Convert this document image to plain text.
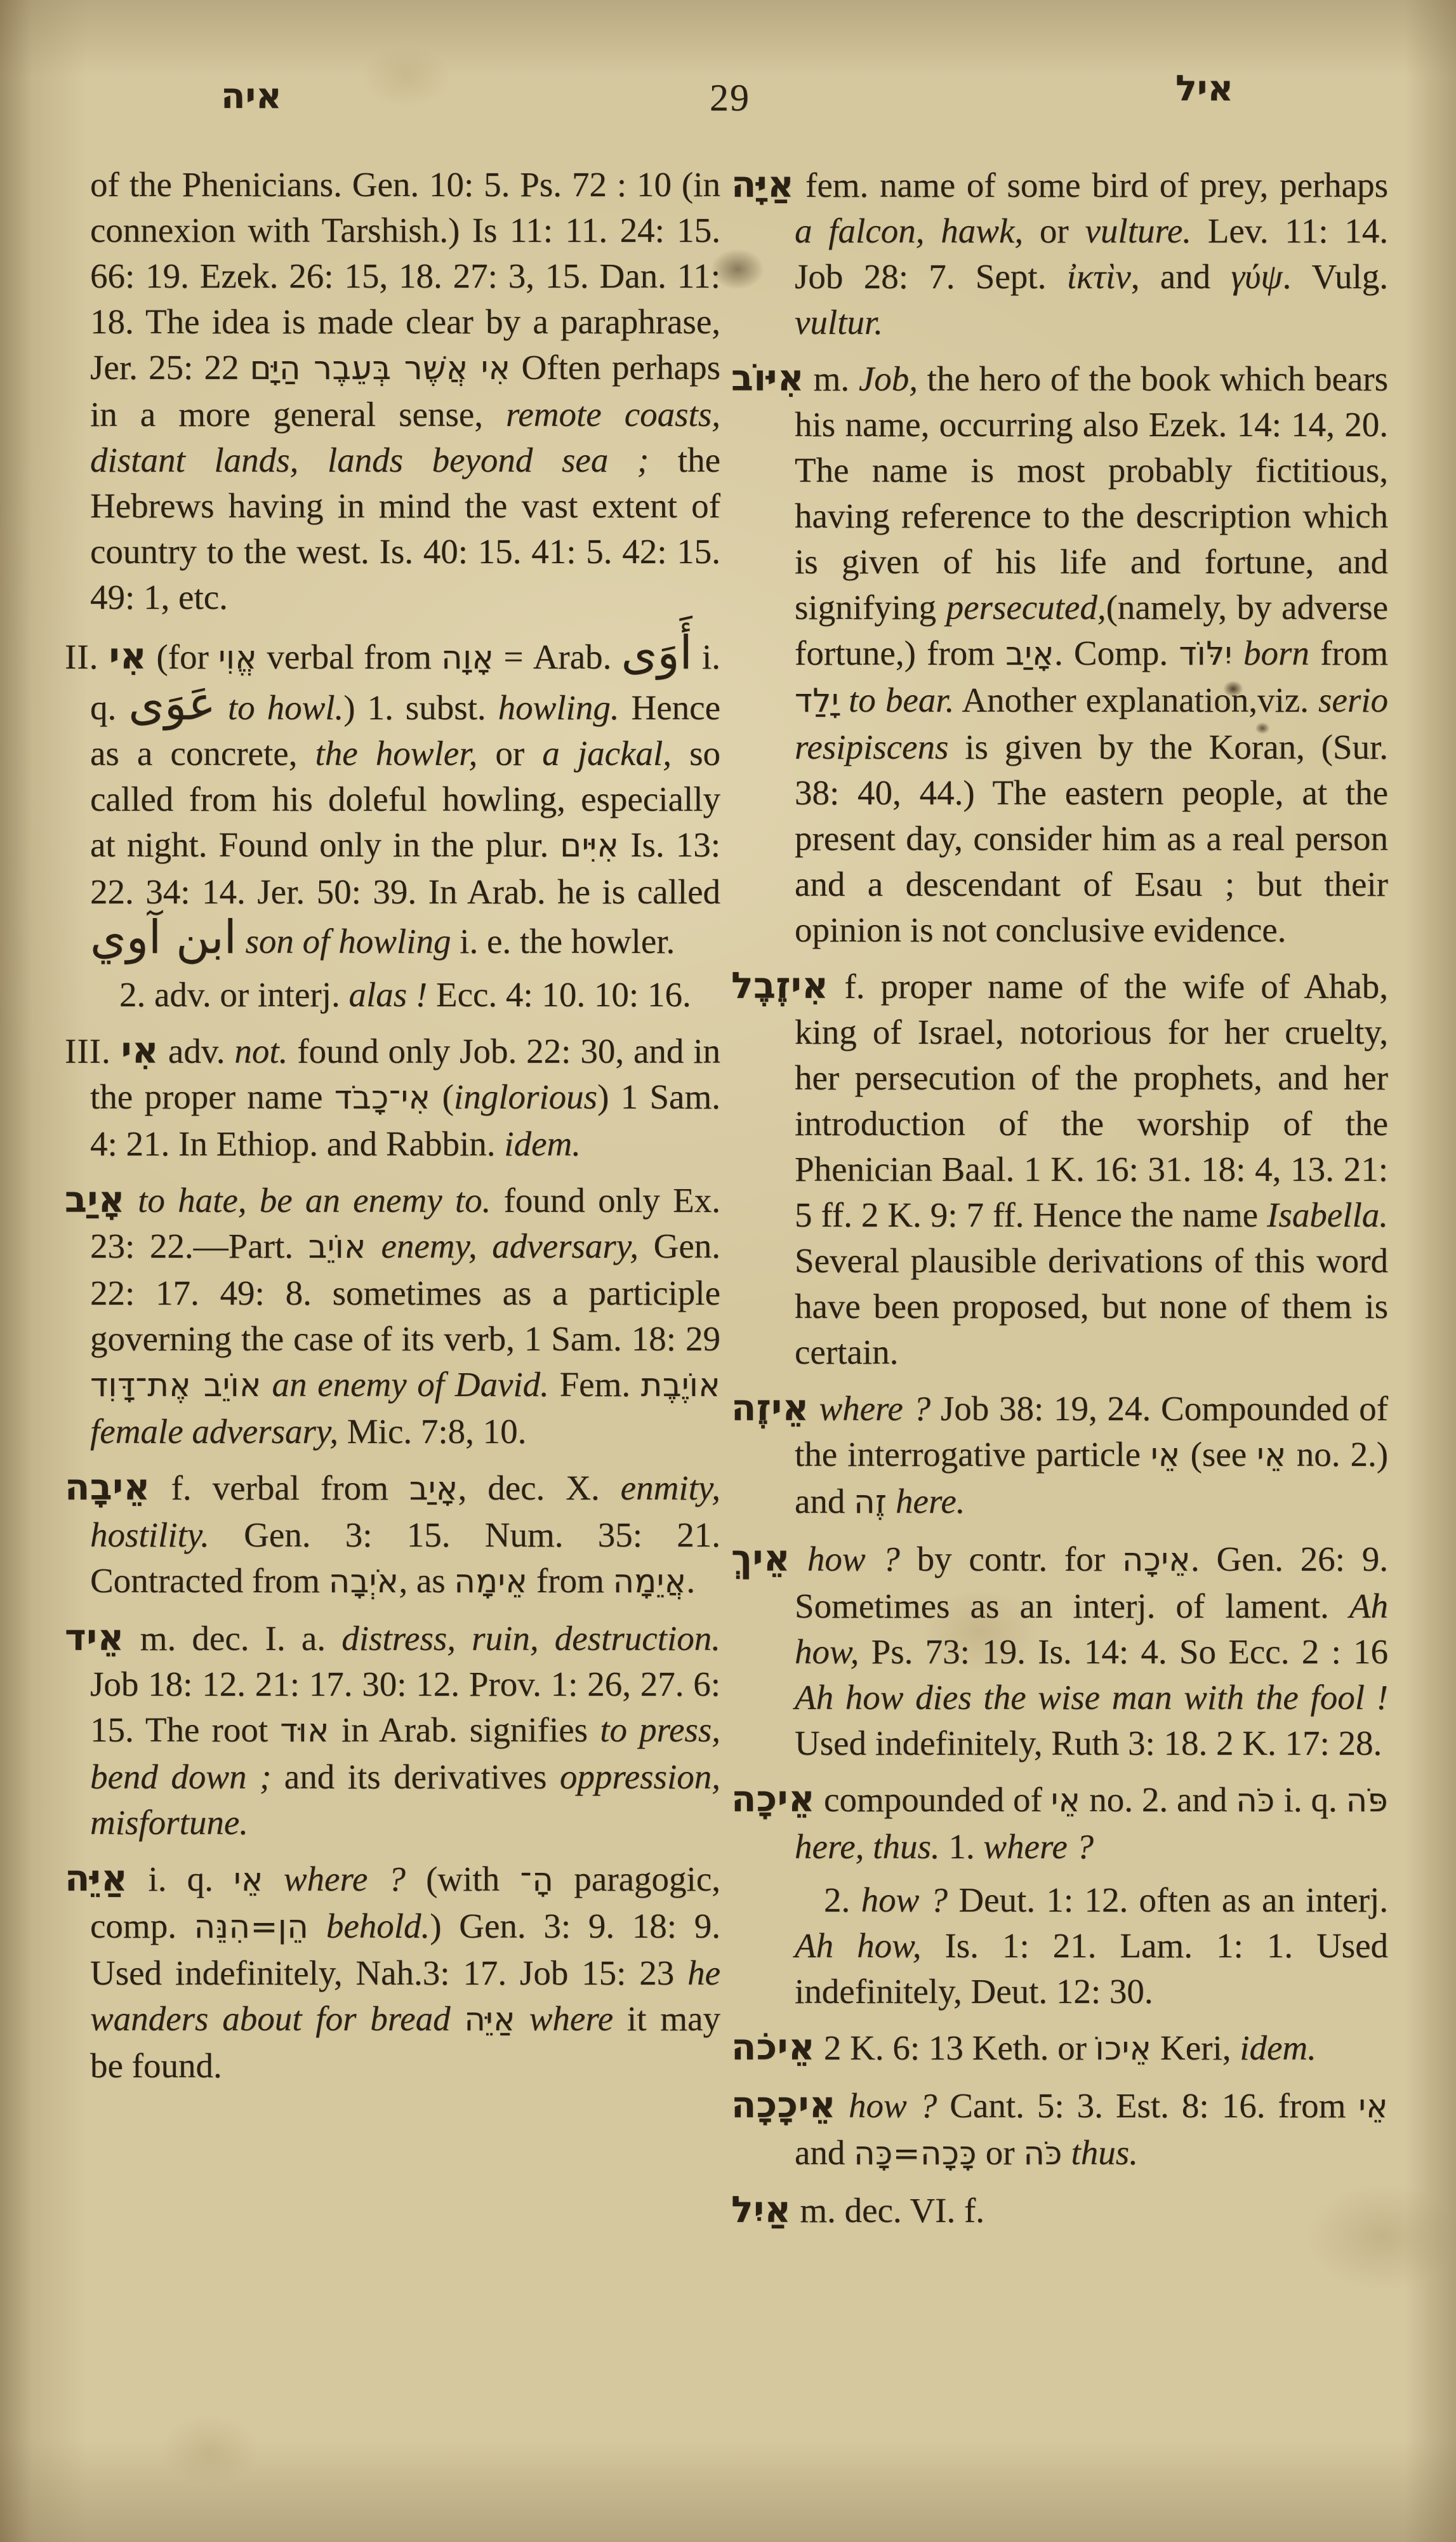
איה	29	איל

of the Phenicians. Gen. 10: 5. Ps. 72 : 10 (in connexion with Tarshish.) Is 11: 11. 24: 15. 66: 19. Ezek. 26: 15, 18. 27: 3, 15. Dan. 11: 18. The idea is made clear by a paraphrase, Jer. 25: 22 אִי אֲשֶׁר בְּעֵבֶר הַיָּם Often perhaps in a more general sense, remote coasts, distant lands, lands beyond sea ; the Hebrews having in mind the vast extent of country to the west. Is. 40: 15. 41: 5. 42: 15. 49: 1, etc.

II. אִי (for אֱוִי verbal from אָוָה = Arab. أَوَى i. q. عَوَى to howl.) 1. subst. howling. Hence as a concrete, the howler, or a jackal, so called from his doleful howling, especially at night. Found only in the plur. אִיִּים Is. 13: 22. 34: 14. Jer. 50: 39. In Arab. he is called ابن آوي son of howling i. e. the howler.

2. adv. or interj. alas ! Ecc. 4: 10. 10: 16.

III. אִי adv. not. found only Job. 22: 30, and in the proper name אִי־כָבֹד (inglorious) 1 Sam. 4: 21. In Ethiop. and Rabbin. idem.

אָיַב to hate, be an enemy to. found only Ex. 23: 22.—Part. אוֹיֵב enemy, adversary, Gen. 22: 17. 49: 8. sometimes as a participle governing the case of its verb, 1 Sam. 18: 29 אוֹיֵב אֶת־דָּוִד an enemy of David. Fem. אוֹיֶבֶת female adversary, Mic. 7:8, 10.

אֵיבָה f. verbal from אָיַב, dec. X. enmity, hostility. Gen. 3: 15. Num. 35: 21. Contracted from אֹיְבָה, as אֵימָה from אֲיֵמָה.

אֵיד m. dec. I. a. distress, ruin, destruction. Job 18: 12. 21: 17. 30: 12. Prov. 1: 26, 27. 6: 15. The root אוּד in Arab. signifies to press, bend down ; and its derivatives oppression, misfortune.

אַיֵּה i. q. אֵי where ? (with הָ־ paragogic, comp. הֵן=הִנֵּה behold.) Gen. 3: 9. 18: 9. Used indefinitely, Nah.3: 17. Job 15: 23 he wanders about for bread אַיֵּה where it may be found.

אַיָּה fem. name of some bird of prey, perhaps a falcon, hawk, or vulture. Lev. 11: 14. Job 28: 7. Sept. ἰκτὶν, and γύψ. Vulg. vultur.

אִיּוֹב m. Job, the hero of the book which bears his name, occurring also Ezek. 14: 14, 20. The name is most probably fictitious, having reference to the description which is given of his life and fortune, and signifying persecuted,(namely, by adverse fortune,) from אָיַב. Comp. יִלּוֹד born from יָלַד to bear. Another explanation,viz. serio resipiscens is given by the Koran, (Sur. 38: 40, 44.) The eastern people, at the present day, consider him as a real person and a descendant of Esau ; but their opinion is not conclusive evidence.

אִיזֶבֶל f. proper name of the wife of Ahab, king of Israel, notorious for her cruelty, her persecution of the prophets, and her introduction of the worship of the Phenician Baal. 1 K. 16: 31. 18: 4, 13. 21: 5 ff. 2 K. 9: 7 ff. Hence the name Isabella. Several plausible derivations of this word have been proposed, but none of them is certain.

אֵיזֶה where ? Job 38: 19, 24. Compounded of the interrogative particle אֵי (see אֵי no. 2.) and זֶה here.

אֵיךְ how ? by contr. for אֵיכָה. Gen. 26: 9. Sometimes as an interj. of lament. Ah how, Ps. 73: 19. Is. 14: 4. So Ecc. 2 : 16 Ah how dies the wise man with the fool ! Used indefinitely, Ruth 3: 18. 2 K. 17: 28.

אֵיכָה compounded of אֵי no. 2. and כֹּה i. q. פֹּה here, thus. 1. where ?

2. how ? Deut. 1: 12. often as an interj. Ah how, Is. 1: 21. Lam. 1: 1. Used indefinitely, Deut. 12: 30.

אֵיכֹה 2 K. 6: 13 Keth. or אֵיכוֹ Keri, idem.

אֵיכָכָה how ? Cant. 5: 3. Est. 8: 16. from אֵי and כָּכָה=כָּה or כֹּה thus.

אַיִל m. dec. VI. f.
